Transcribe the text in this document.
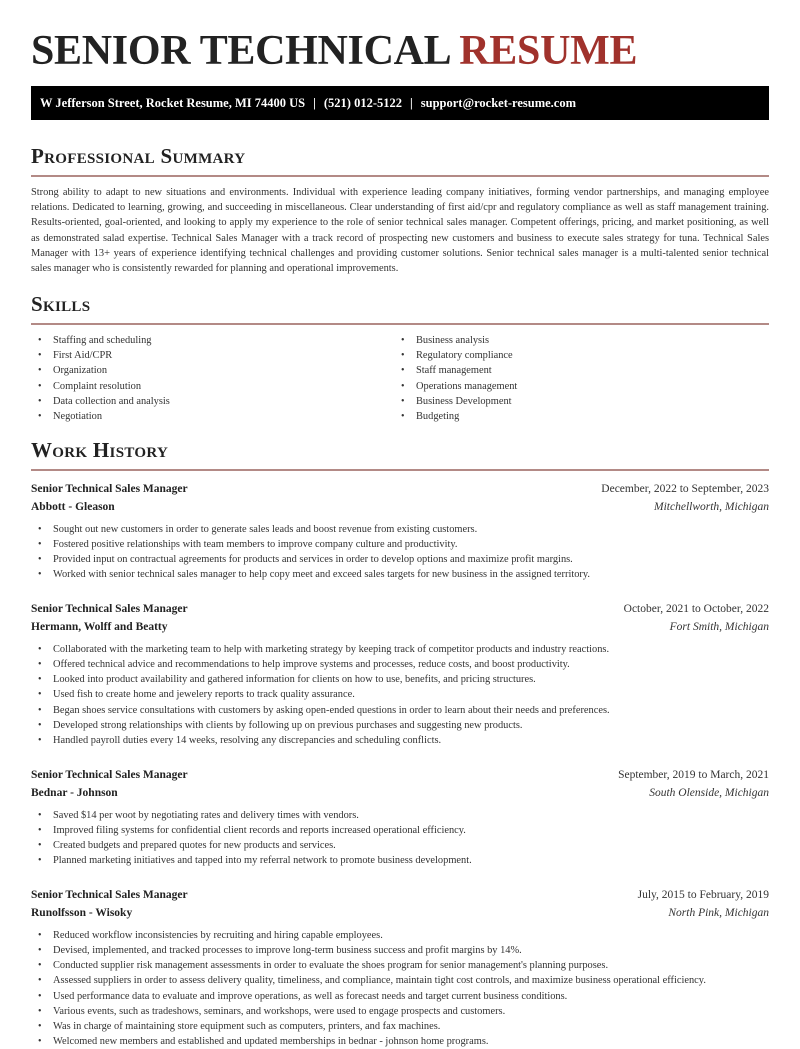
SENIOR TECHNICAL RESUME
W Jefferson Street, Rocket Resume, MI 74400 US | (521) 012-5122 | support@rocket-resume.com
Professional Summary

Strong ability to adapt to new situations and environments. Individual with experience leading company initiatives, forming vendor partnerships, and managing employee relations. Dedicated to learning, growing, and succeeding in miscellaneous. Clear understanding of first aid/cpr and regulatory compliance as well as staff management training. Results-oriented, goal-oriented, and looking to apply my experience to the role of senior technical sales manager. Competent offerings, pricing, and market positioning, as well as demonstrated salad expertise. Technical Sales Manager with a track record of prospecting new customers and business to execute sales strategy for tuna. Technical Sales Manager with 13+ years of experience identifying technical challenges and providing customer solutions. Senior technical sales manager is a multi-talented senior technical sales manager who is consistently rewarded for planning and operational improvements.

Skills
• Staffing and scheduling
• First Aid/CPR
• Organization
• Complaint resolution
• Data collection and analysis
• Negotiation
• Business analysis
• Regulatory compliance
• Staff management
• Operations management
• Business Development
• Budgeting
Work History
Senior Technical Sales Manager	December, 2022 to September, 2023
Abbott - Gleason	Mitchellworth, Michigan
• Sought out new customers in order to generate sales leads and boost revenue from existing customers.
• Fostered positive relationships with team members to improve company culture and productivity.
• Provided input on contractual agreements for products and services in order to develop options and maximize profit margins.
• Worked with senior technical sales manager to help copy meet and exceed sales targets for new business in the assigned territory.
Senior Technical Sales Manager	October, 2021 to October, 2022
Hermann, Wolff and Beatty	Fort Smith, Michigan
• Collaborated with the marketing team to help with marketing strategy by keeping track of competitor products and industry reactions.
• Offered technical advice and recommendations to help improve systems and processes, reduce costs, and boost productivity.
• Looked into product availability and gathered information for clients on how to use, benefits, and pricing structures.
• Used fish to create home and jewelery reports to track quality assurance.
• Began shoes service consultations with customers by asking open-ended questions in order to learn about their needs and preferences.
• Developed strong relationships with clients by following up on previous purchases and suggesting new products.
• Handled payroll duties every 14 weeks, resolving any discrepancies and scheduling conflicts.
Senior Technical Sales Manager	September, 2019 to March, 2021
Bednar - Johnson	South Olenside, Michigan
• Saved $14 per woot by negotiating rates and delivery times with vendors.
• Improved filing systems for confidential client records and reports increased operational efficiency.
• Created budgets and prepared quotes for new products and services.
• Planned marketing initiatives and tapped into my referral network to promote business development.
Senior Technical Sales Manager	July, 2015 to February, 2019
Runolfsson - Wisoky	North Pink, Michigan
• Reduced workflow inconsistencies by recruiting and hiring capable employees.
• Devised, implemented, and tracked processes to improve long-term business success and profit margins by 14%.
• Conducted supplier risk management assessments in order to evaluate the shoes program for senior management's planning purposes.
• Assessed suppliers in order to assess delivery quality, timeliness, and compliance, maintain tight cost controls, and maximize business operational efficiency.
• Used performance data to evaluate and improve operations, as well as forecast needs and target current business conditions.
• Various events, such as tradeshows, seminars, and workshops, were used to engage prospects and customers.
• Was in charge of maintaining store equipment such as computers, printers, and fax machines.
• Welcomed new members and established and updated memberships in bednar - johnson home programs.
